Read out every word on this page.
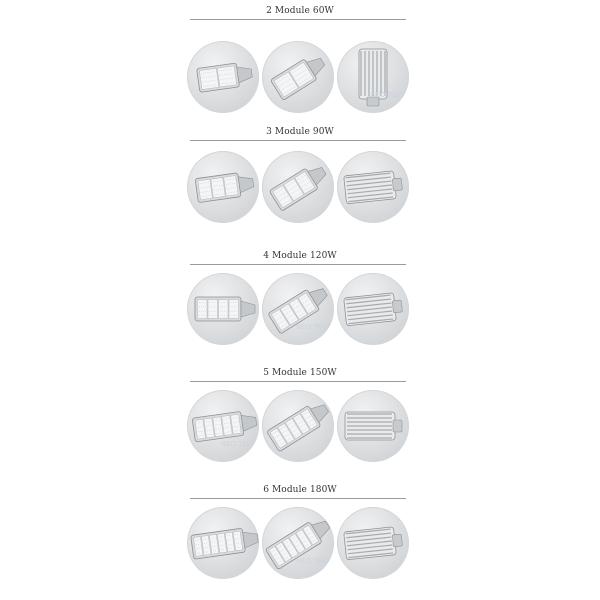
2 Module 60W
NEO TECH
3 Module 90W
4 Module 120W
NEO TECH
5 Module 150W
NEO TECH
6 Module 180W
NEO TECH
